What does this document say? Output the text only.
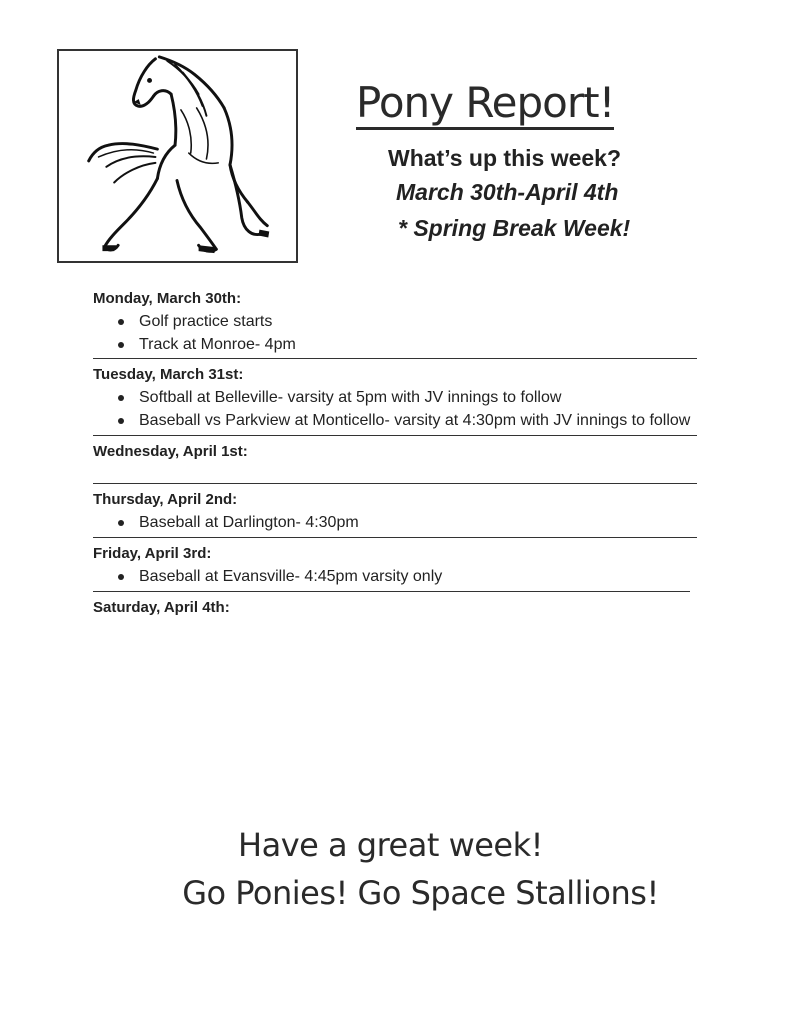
Pony Report!
What’s up this week?
March 30th-April 4th
* Spring Break Week!
Monday, March 30th:
Golf practice starts
Track at Monroe- 4pm
Tuesday, March 31st:
Softball at Belleville- varsity at 5pm with JV innings to follow
Baseball vs Parkview at Monticello- varsity at 4:30pm with JV innings to follow
Wednesday, April 1st:
Thursday, April 2nd:
Baseball at Darlington- 4:30pm
Friday, April 3rd:
Baseball at Evansville- 4:45pm varsity only
Saturday, April 4th:
Have a great week!
Go Ponies! Go Space Stallions!
